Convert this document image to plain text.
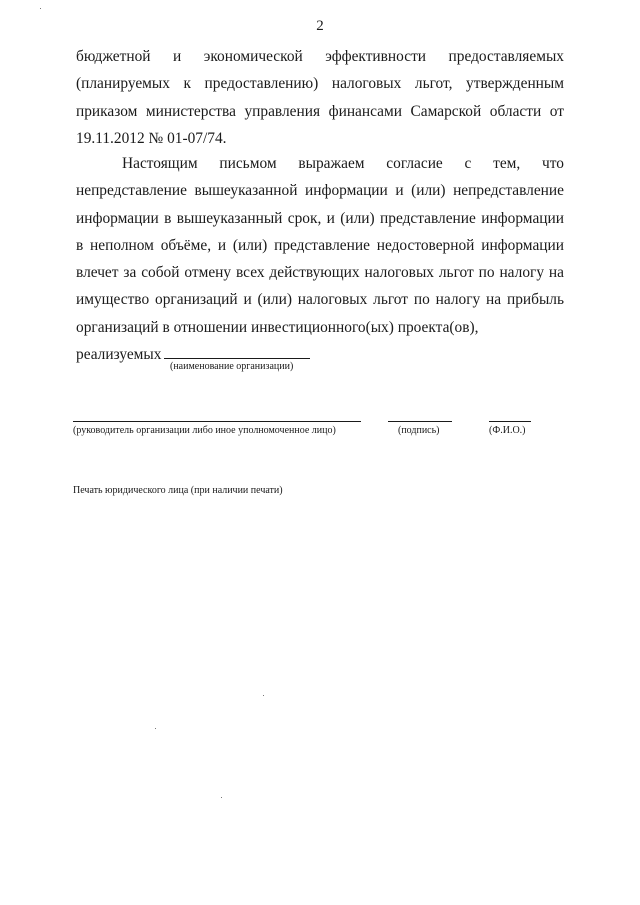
2

бюджетной и экономической эффективности предоставляемых (планируемых к предоставлению) налоговых льгот, утвержденным приказом министерства управления финансами Самарской области от 19.11.2012 № 01-07/74.

Настоящим письмом выражаем согласие с тем, что непредставление вышеуказанной информации и (или) непредставление информации в вышеуказанный срок, и (или) представление информации в неполном объёме, и (или) представление недостоверной информации влечет за собой отмену всех действующих налоговых льгот по налогу на имущество организаций и (или) налоговых льгот по налогу на прибыль организаций в отношении инвестиционного(ых) проекта(ов),

реализуемых

(наименование организации)
(руководитель организации либо иное уполномоченное лицо)	(подпись)	(Ф.И.О.)
Печать юридического лица (при наличии печати)
